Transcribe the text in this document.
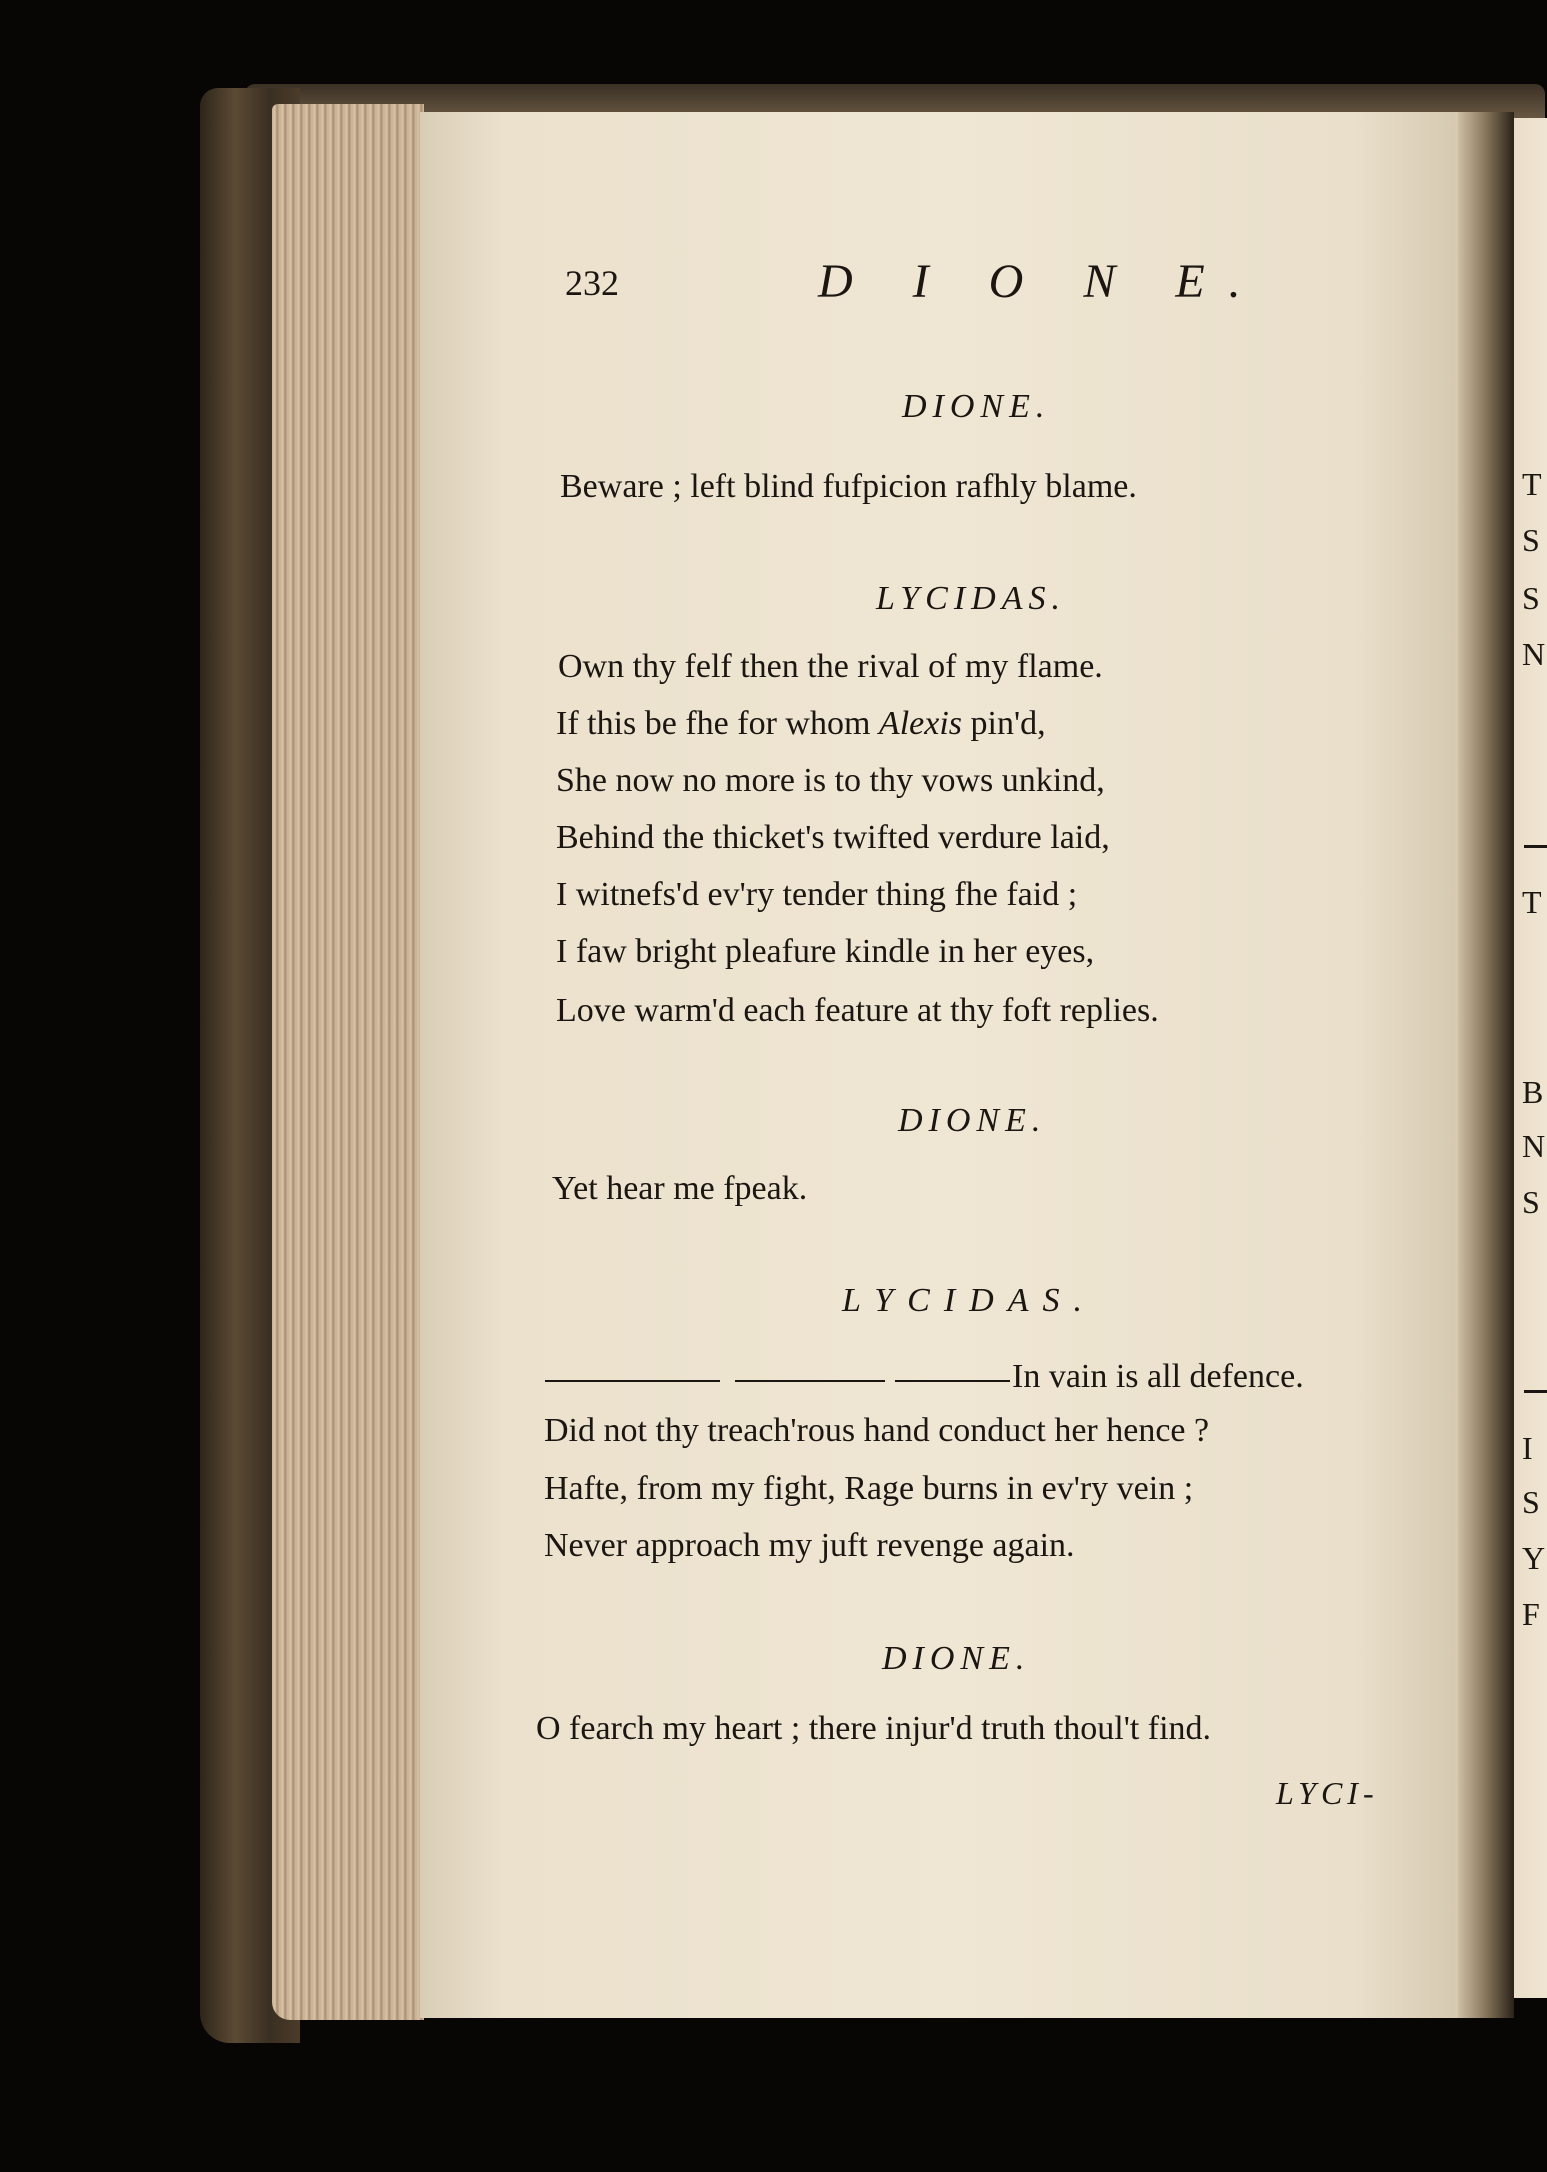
232	D I O N E.
DIONE.
Beware ; left blind fufpicion rafhly blame.
LYCIDAS.
Own thy felf then the rival of my flame.
If this be fhe for whom Alexis pin'd,
She now no more is to thy vows unkind,
Behind the thicket's twifted verdure laid,
I witnefs'd ev'ry tender thing fhe faid ;
I faw bright pleafure kindle in her eyes,
Love warm'd each feature at thy foft replies.
DIONE.
Yet hear me fpeak.
LYCIDAS.
In vain is all defence.
Did not thy treach'rous hand conduct her hence ?
Hafte, from my fight, Rage burns in ev'ry vein ;
Never approach my juft revenge again.
DIONE.
O fearch my heart ; there injur'd truth thoul't find.
LYCI-
T
S
S
N
T
B
N
S
I
S
Y
F
